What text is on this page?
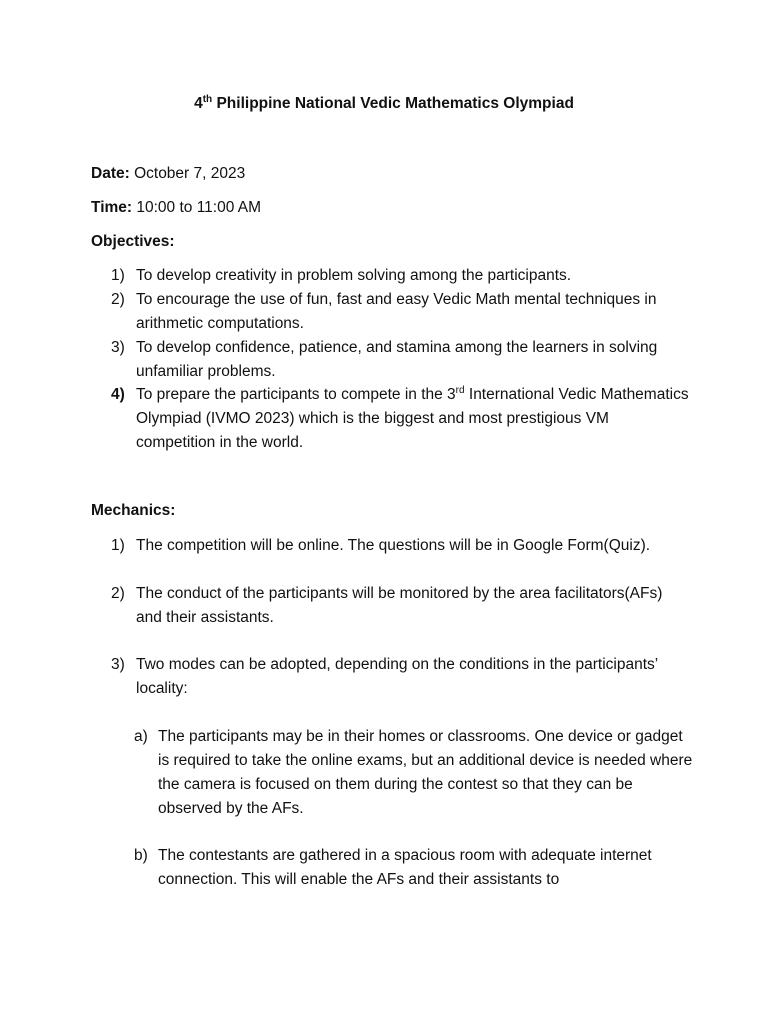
4th Philippine National Vedic Mathematics Olympiad
Date: October 7, 2023
Time: 10:00 to 11:00 AM
Objectives:
1) To develop creativity in problem solving among the participants.
2) To encourage the use of fun, fast and easy Vedic Math mental techniques in arithmetic computations.
3) To develop confidence, patience, and stamina among the learners in solving unfamiliar problems.
4) To prepare the participants to compete in the 3rd International Vedic Mathematics Olympiad (IVMO 2023) which is the biggest and most prestigious VM competition in the world.
Mechanics:
1) The competition will be online. The questions will be in Google Form(Quiz).
2) The conduct of the participants will be monitored by the area facilitators(AFs) and their assistants.
3) Two modes can be adopted, depending on the conditions in the participants’ locality:
a) The participants may be in their homes or classrooms. One device or gadget is required to take the online exams, but an additional device is needed where the camera is focused on them during the contest so that they can be observed by the AFs.
b) The contestants are gathered in a spacious room with adequate internet connection. This will enable the AFs and their assistants to
